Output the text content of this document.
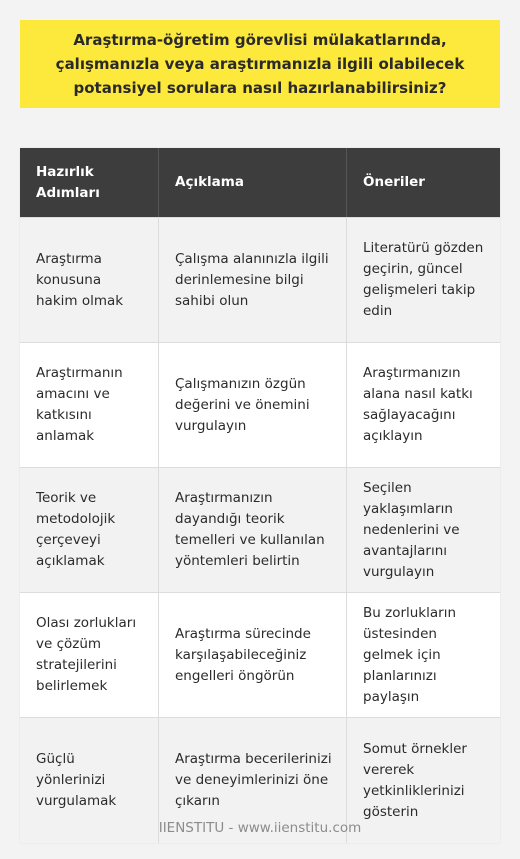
Araştırma-öğretim görevlisi mülakatlarında, çalışmanızla veya araştırmanızla ilgili olabilecek potansiyel sorulara nasıl hazırlanabilirsiniz?
Hazırlık Adımları
Açıklama	Öneriler
Araştırma konusuna hakim olmak
Çalışma alanınızla ilgili derinlemesine bilgi sahibi olun
Literatürü gözden geçirin, güncel gelişmeleri takip edin
Araştırmanın amacını ve katkısını anlamak
Çalışmanızın özgün değerini ve önemini vurgulayın
Araştırmanızın alana nasıl katkı sağlayacağını açıklayın
Teorik ve metodolojik çerçeveyi açıklamak
Araştırmanızın dayandığı teorik temelleri ve kullanılan yöntemleri belirtin
Seçilen yaklaşımların nedenlerini ve avantajlarını vurgulayın
Olası zorlukları ve çözüm stratejilerini belirlemek
Araştırma sürecinde karşılaşabileceğiniz engelleri öngörün
Bu zorlukların üstesinden gelmek için planlarınızı paylaşın
Güçlü yönlerinizi vurgulamak
Araştırma becerilerinizi ve deneyimlerinizi öne çıkarın
Somut örnekler vererek yetkinliklerinizi gösterin
IIENSTITU - www.iienstitu.com
